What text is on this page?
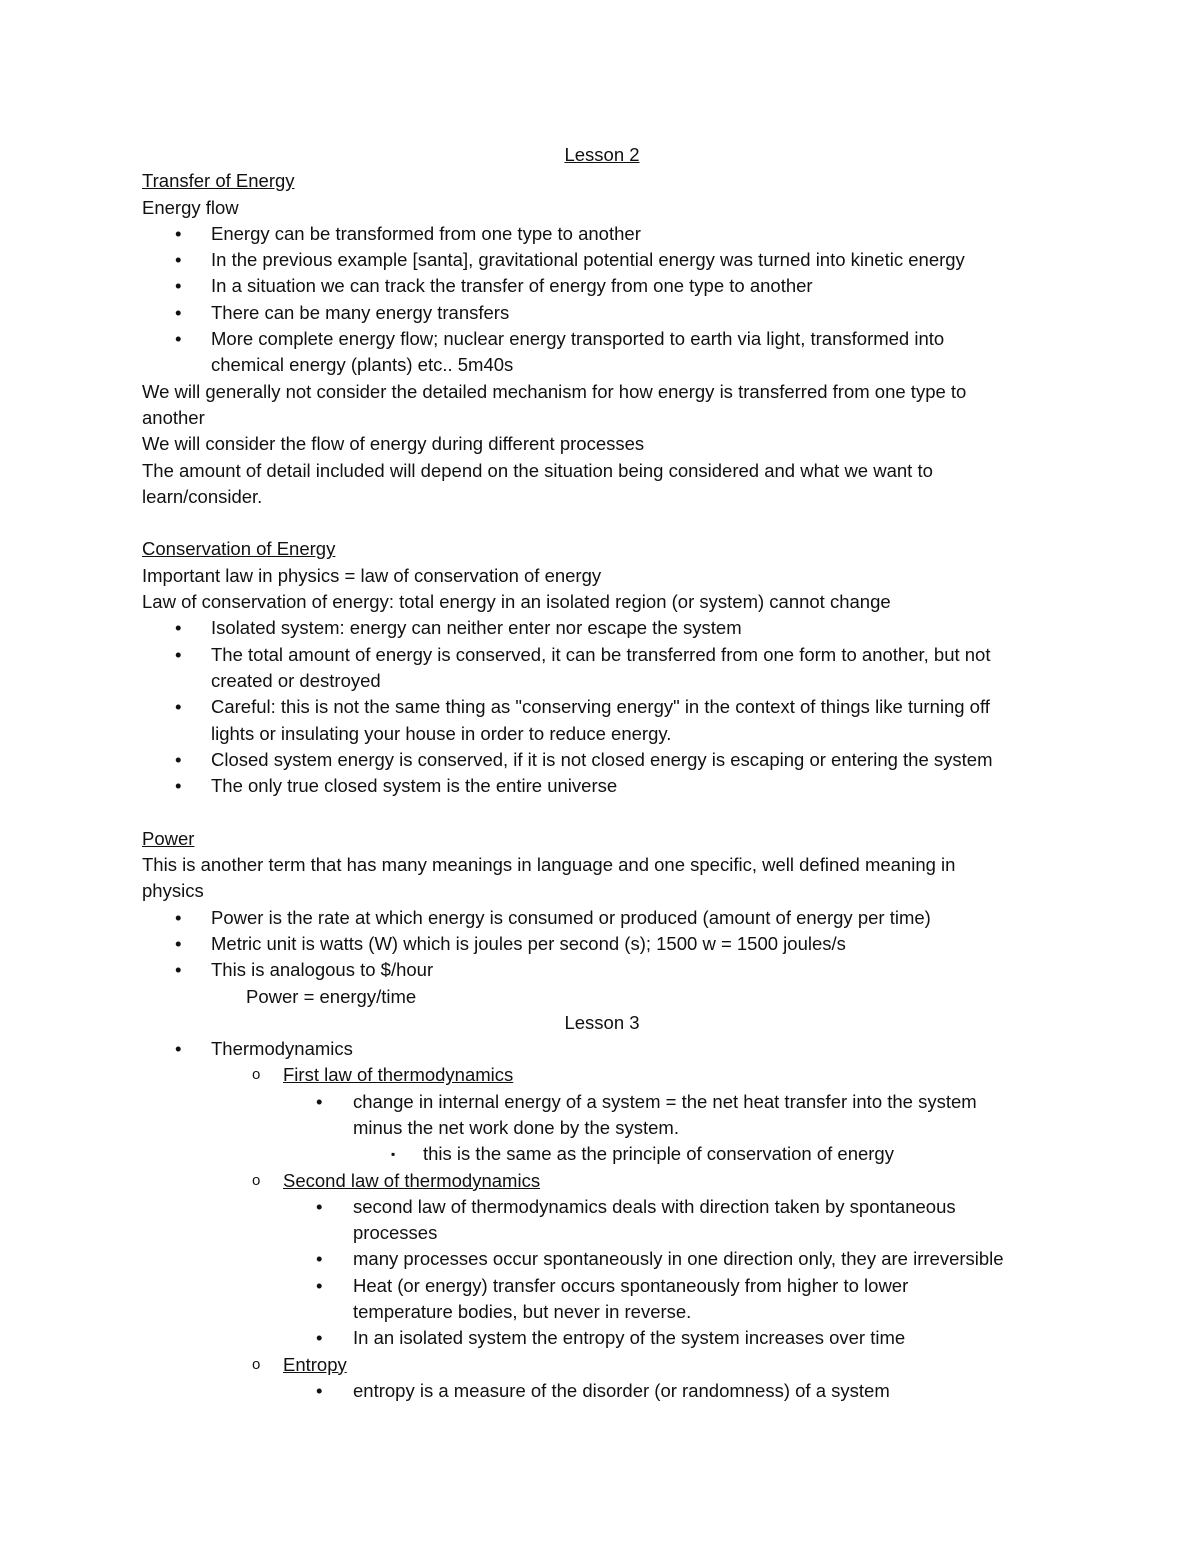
Lesson 2
Transfer of Energy
Energy flow
• Energy can be transformed from one type to another
• In the previous example [santa], gravitational potential energy was turned into kinetic energy
• In a situation we can track the transfer of energy from one type to another
• There can be many energy transfers
• More complete energy flow; nuclear energy transported to earth via light, transformed into
chemical energy (plants) etc.. 5m40s
We will generally not consider the detailed mechanism for how energy is transferred from one type to
another
We will consider the flow of energy during different processes
The amount of detail included will depend on the situation being considered and what we want to
learn/consider.
Conservation of Energy
Important law in physics = law of conservation of energy
Law of conservation of energy: total energy in an isolated region (or system) cannot change
• Isolated system: energy can neither enter nor escape the system
• The total amount of energy is conserved, it can be transferred from one form to another, but not
created or destroyed
• Careful: this is not the same thing as "conserving energy" in the context of things like turning off
lights or insulating your house in order to reduce energy.
• Closed system energy is conserved, if it is not closed energy is escaping or entering the system
• The only true closed system is the entire universe
Power
This is another term that has many meanings in language and one specific, well defined meaning in
physics
• Power is the rate at which energy is consumed or produced (amount of energy per time)
• Metric unit is watts (W) which is joules per second (s); 1500 w = 1500 joules/s
• This is analogous to $/hour
Power = energy/time
Lesson 3
• Thermodynamics
o First law of thermodynamics
• change in internal energy of a system = the net heat transfer into the system
minus the net work done by the system.
▪ this is the same as the principle of conservation of energy
o Second law of thermodynamics
• second law of thermodynamics deals with direction taken by spontaneous
processes
• many processes occur spontaneously in one direction only, they are irreversible
• Heat (or energy) transfer occurs spontaneously from higher to lower
temperature bodies, but never in reverse.
• In an isolated system the entropy of the system increases over time
o Entropy
• entropy is a measure of the disorder (or randomness) of a system
